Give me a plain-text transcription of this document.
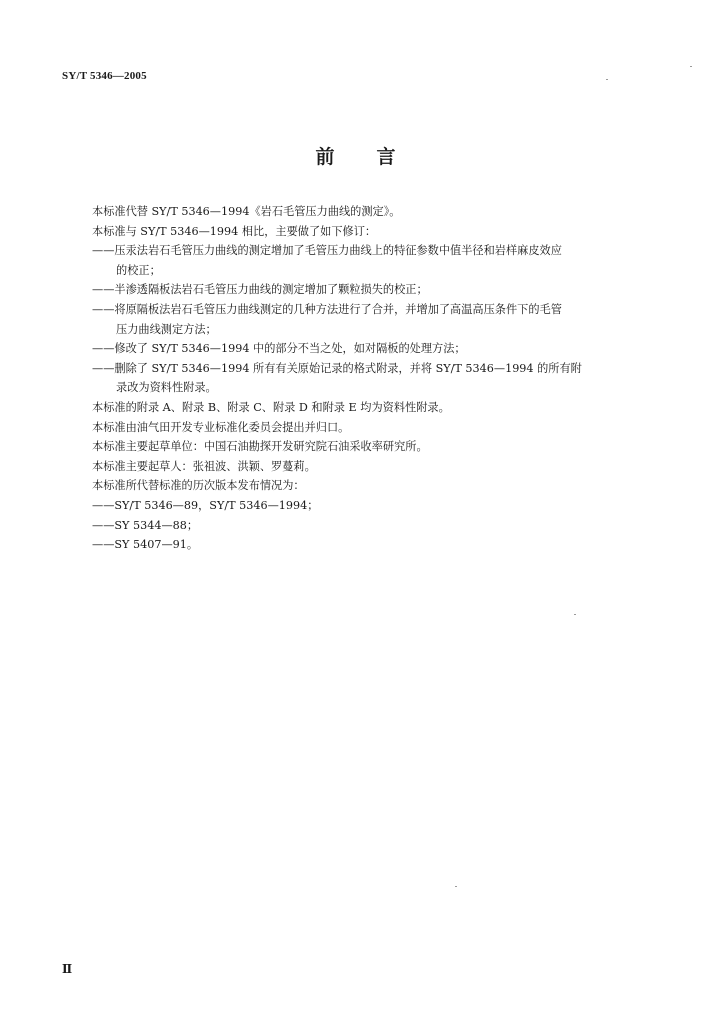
SY/T 5346—2005
前 言

本标准代替 SY/T 5346—1994《岩石毛管压力曲线的测定》。

本标准与 SY/T 5346—1994 相比，主要做了如下修订：

——压汞法岩石毛管压力曲线的测定增加了毛管压力曲线上的特征参数中值半径和岩样麻皮效应
的校正；
——半渗透隔板法岩石毛管压力曲线的测定增加了颗粒损失的校正；
——将原隔板法岩石毛管压力曲线测定的几种方法进行了合并，并增加了高温高压条件下的毛管
压力曲线测定方法；
——修改了 SY/T 5346—1994 中的部分不当之处，如对隔板的处理方法；
——删除了 SY/T 5346—1994 所有有关原始记录的格式附录，并将 SY/T 5346—1994 的所有附
录改为资料性附录。

本标准的附录 A、附录 B、附录 C、附录 D 和附录 E 均为资料性附录。

本标准由油气田开发专业标准化委员会提出并归口。

本标准主要起草单位：中国石油勘探开发研究院石油采收率研究所。

本标准主要起草人：张祖波、洪颖、罗蔓莉。

本标准所代替标准的历次版本发布情况为：

——SY/T 5346—89，SY/T 5346—1994；

——SY 5344—88；

——SY 5407—91。

Ⅱ
